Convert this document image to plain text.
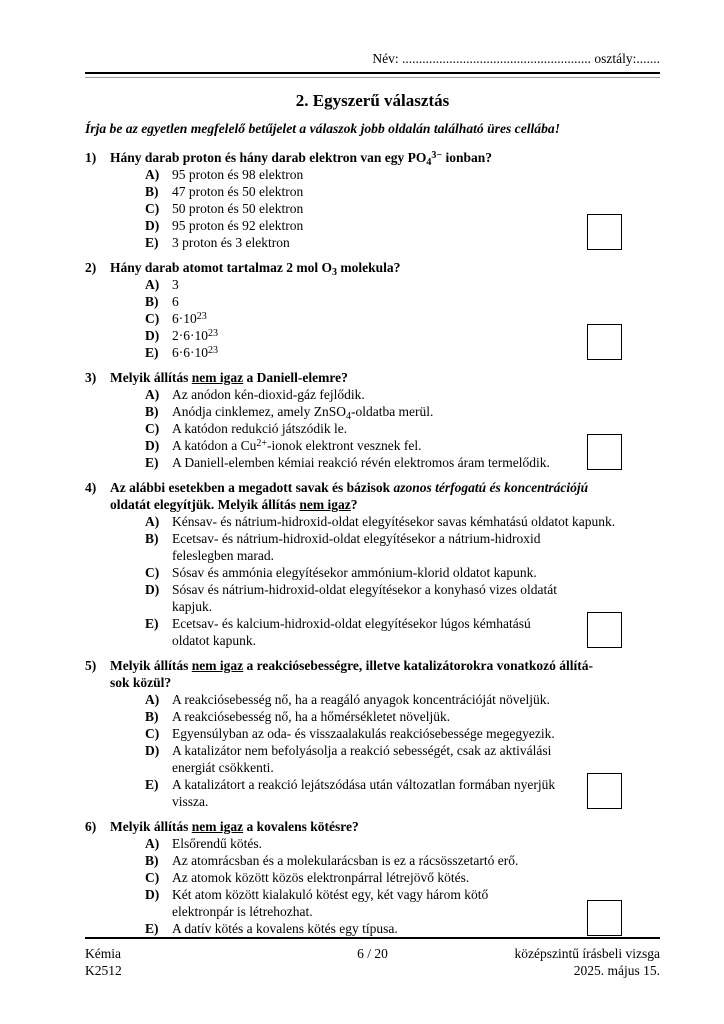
Név: ........................................................ osztály:.......
2. Egyszerű választás
Írja be az egyetlen megfelelő betűjelet a válaszok jobb oldalán található üres cellába!
1)	Hány darab proton és hány darab elektron van egy $PO4^{3-}$ ionban?
A) 95 proton és 98 elektron
B)	47 proton és 50 elektron
C) 50 proton és 50 elektron
D) 95 proton és 92 elektron
E)	3 proton és 3 elektron
2)	Hány darab atomot tartalmaz 2 mol O3 molekula?
A) 3
B)	6
C) $6\cdot 10^{23}$
D) $2\cdot 6\cdot 10^{23}$
E)	$6\cdot 6\cdot 10^{23}$
3)	Melyik állítás nem igaz a Daniell-elemre?
A) Az anódon kén-dioxid-gáz fejlődik.
B)	Anódja cinklemez, amely ZnSO4-oldatba merül.
C) A katódon redukció játszódik le.
D) A katódon a $Cu^{2+}$-ionok elektront vesznek fel.
E)	A Daniell-elemben kémiai reakció révén elektromos áram termelődik.
4)	Az alábbi esetekben a megadott savak és bázisok azonos térfogatú és koncentrációjú
oldatát elegyítjük. Melyik állítás nem igaz?
A) Kénsav- és nátrium-hidroxid-oldat elegyítésekor savas kémhatású oldatot kapunk.
B)	Ecetsav- és nátrium-hidroxid-oldat elegyítésekor a nátrium-hidroxid
feleslegben marad.
C) Sósav és ammónia elegyítésekor ammónium-klorid oldatot kapunk.
D) Sósav és nátrium-hidroxid-oldat elegyítésekor a konyhasó vizes oldatát
kapjuk.
E)	Ecetsav- és kalcium-hidroxid-oldat elegyítésekor lúgos kémhatású
oldatot kapunk.
5)	Melyik állítás nem igaz a reakciósebességre, illetve katalizátorokra vonatkozó állítá-
sok közül?
A) A reakciósebesség nő, ha a reagáló anyagok koncentrációját növeljük.
B)	A reakciósebesség nő, ha a hőmérsékletet növeljük.
C) Egyensúlyban az oda- és visszaalakulás reakciósebessége megegyezik.
D) A katalizátor nem befolyásolja a reakció sebességét, csak az aktiválási
energiát csökkenti.
E)	A katalizátort a reakció lejátszódása után változatlan formában nyerjük
vissza.
6)	Melyik állítás nem igaz a kovalens kötésre?
A) Elsőrendű kötés.
B)	Az atomrácsban és a molekularácsban is ez a rácsösszetartó erő.
C) Az atomok között közös elektronpárral létrejövő kötés.
D) Két atom között kialakuló kötést egy, két vagy három kötő
elektronpár is létrehozhat.
E)	A datív kötés a kovalens kötés egy típusa.
Kémia
K2512
6 / 20	középszintű írásbeli vizsga
2025. május 15.
